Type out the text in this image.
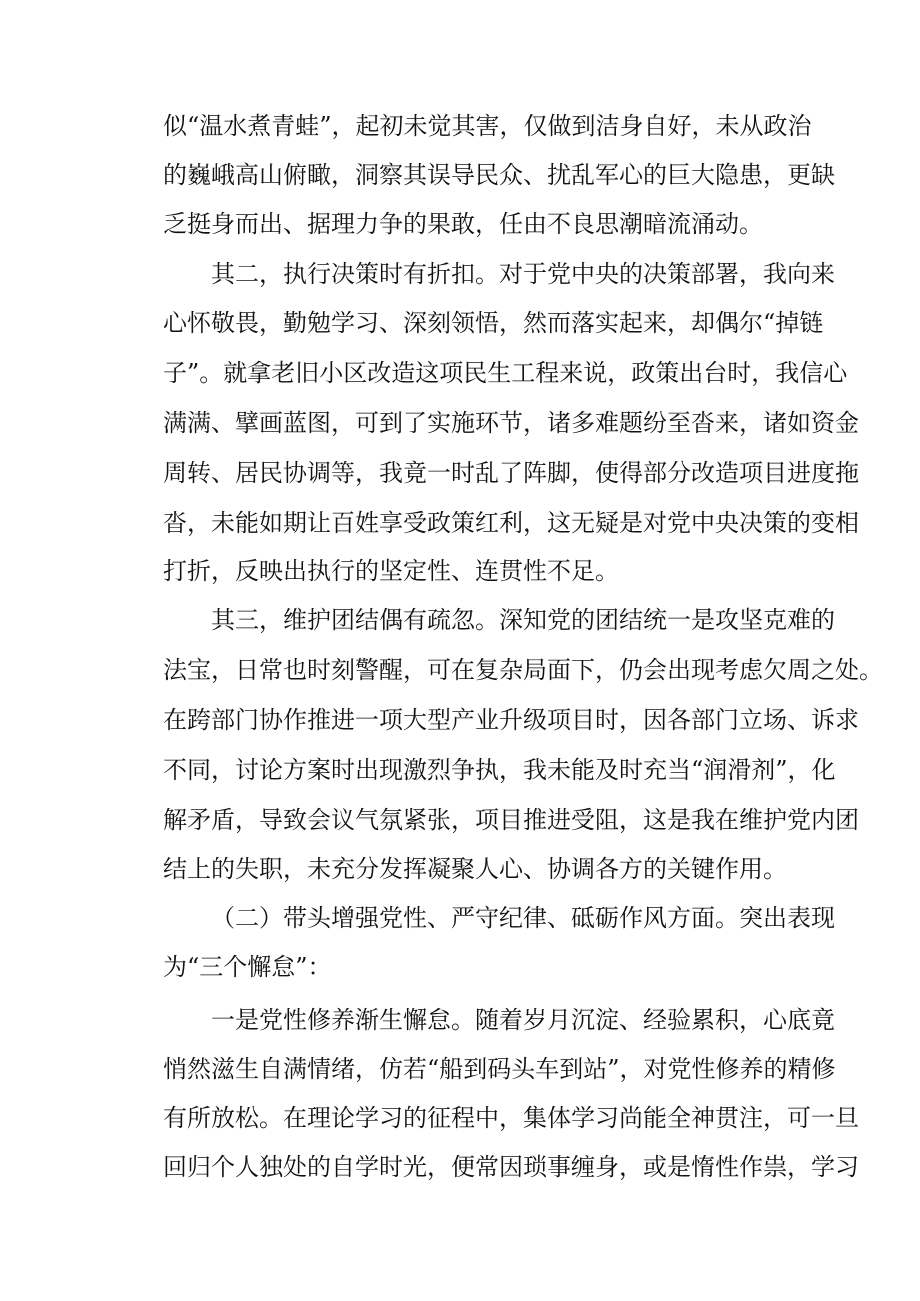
似“温水煮青蛙”，起初未觉其害，仅做到洁身自好，未从政治
的巍峨高山俯瞰，洞察其误导民众、扰乱军心的巨大隐患，更缺
乏挺身而出、据理力争的果敢，任由不良思潮暗流涌动。
其二，执行决策时有折扣。对于党中央的决策部署，我向来
心怀敬畏，勤勉学习、深刻领悟，然而落实起来，却偶尔“掉链
子”。就拿老旧小区改造这项民生工程来说，政策出台时，我信心
满满、擘画蓝图，可到了实施环节，诸多难题纷至沓来，诸如资金
周转、居民协调等，我竟一时乱了阵脚，使得部分改造项目进度拖
沓，未能如期让百姓享受政策红利，这无疑是对党中央决策的变相
打折，反映出执行的坚定性、连贯性不足。
其三，维护团结偶有疏忽。深知党的团结统一是攻坚克难的
法宝，日常也时刻警醒，可在复杂局面下，仍会出现考虑欠周之处。
在跨部门协作推进一项大型产业升级项目时，因各部门立场、诉求
不同，讨论方案时出现激烈争执，我未能及时充当“润滑剂”，化
解矛盾，导致会议气氛紧张，项目推进受阻，这是我在维护党内团
结上的失职，未充分发挥凝聚人心、协调各方的关键作用。
（二）带头增强党性、严守纪律、砥砺作风方面。突出表现
为“三个懈怠”：
一是党性修养渐生懈怠。随着岁月沉淀、经验累积，心底竟
悄然滋生自满情绪，仿若“船到码头车到站”，对党性修养的精修
有所放松。在理论学习的征程中，集体学习尚能全神贯注，可一旦
回归个人独处的自学时光，便常因琐事缠身，或是惰性作祟，学习
